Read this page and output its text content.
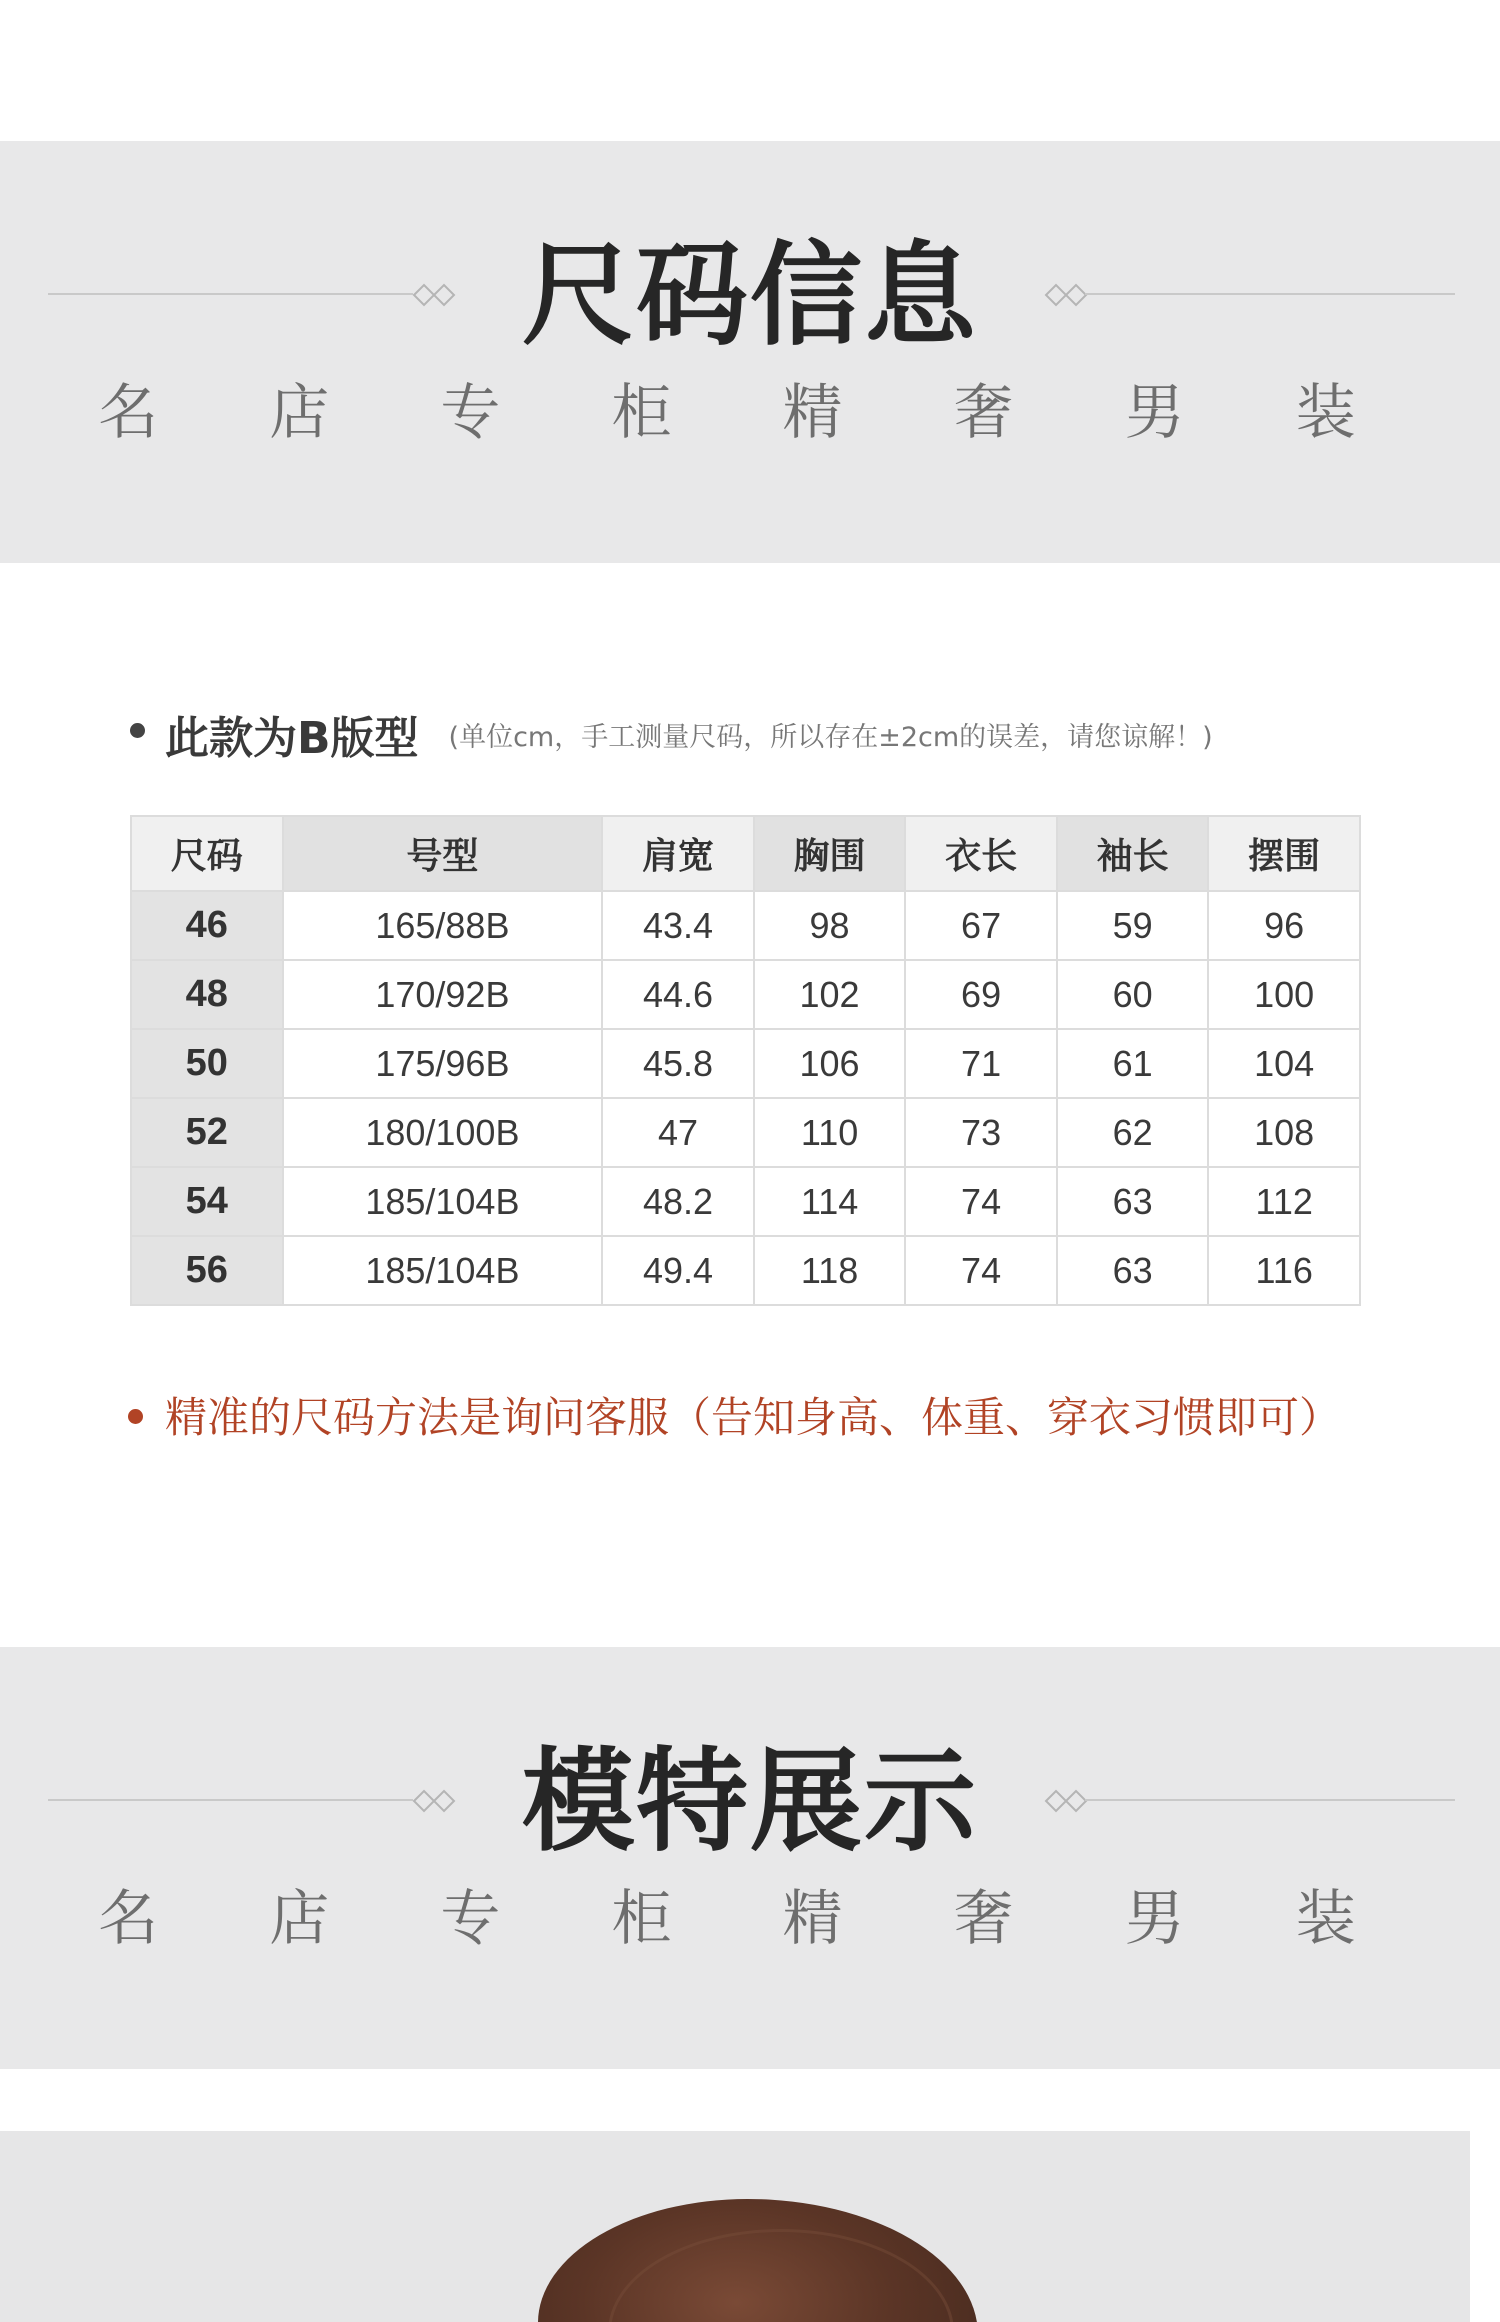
尺码信息
名 店 专 柜 精 奢 男 装
此款为B版型 (单位cm，手工测量尺码，所以存在±2cm的误差，请您谅解！)
尺码	号型	肩宽	胸围	衣长	袖长	摆围
46	165/88B	43.4	98	67	59	96
48	170/92B	44.6	102	69	60	100
50	175/96B	45.8	106	71	61	104
52	180/100B	47	110	73	62	108
54	185/104B	48.2	114	74	63	112
56	185/104B	49.4	118	74	63	116
精准的尺码方法是询问客服（告知身高、体重、穿衣习惯即可）
模特展示
名 店 专 柜 精 奢 男 装
